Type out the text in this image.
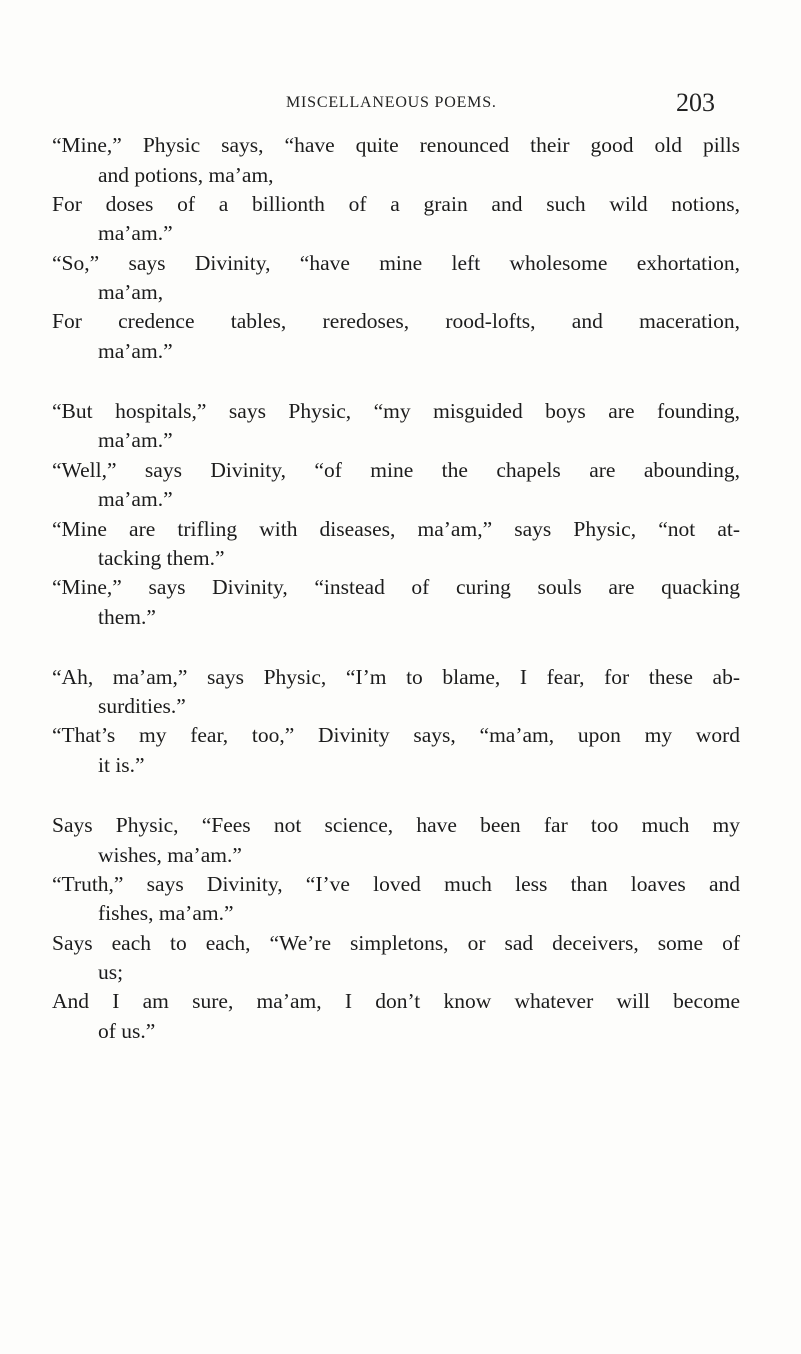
MISCELLANEOUS POEMS.	203
“Mine,” Physic says, “have quite renounced their good old pills
and potions, ma’am,
For doses of a billionth of a grain and such wild notions,
ma’am.”
“So,” says Divinity, “have mine left wholesome exhortation,
ma’am,
For credence tables, reredoses, rood-lofts, and maceration,
ma’am.”
“But hospitals,” says Physic, “my misguided boys are founding,
ma’am.”
“Well,” says Divinity, “of mine the chapels are abounding,
ma’am.”
“Mine are trifling with diseases, ma’am,” says Physic, “not at-
tacking them.”
“Mine,” says Divinity, “instead of curing souls are quacking
them.”
“Ah, ma’am,” says Physic, “I’m to blame, I fear, for these ab-
surdities.”
“That’s my fear, too,” Divinity says, “ma’am, upon my word
it is.”
Says Physic, “Fees not science, have been far too much my
wishes, ma’am.”
“Truth,” says Divinity, “I’ve loved much less than loaves and
fishes, ma’am.”
Says each to each, “We’re simpletons, or sad deceivers, some of
us;
And I am sure, ma’am, I don’t know whatever will become
of us.”
